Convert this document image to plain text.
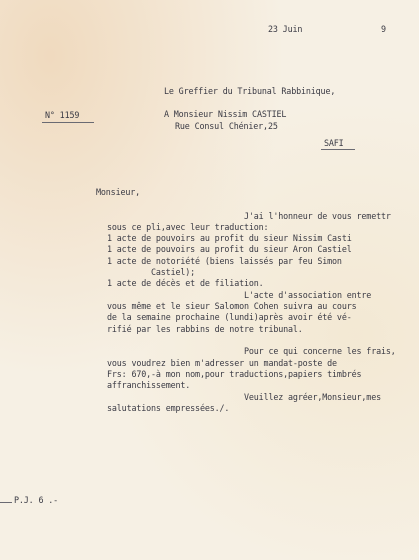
23 Juin	9
Le Greffier du Tribunal Rabbinique,
A Monsieur Nissim CASTIEL
Rue Consul Chénier,25
SAFI
N° 1159
Monsieur,
J'ai l'honneur de vous remettr
sous ce pli,avec leur traduction:
1 acte de pouvoirs au profit du sieur Nissim Casti
1 acte de pouvoirs au profit du sieur Aron Castiel
1 acte de notoriété (biens laissés par feu Simon
Castiel);
1 acte de décès et de filiation.
L'acte d'association entre
vous même et le sieur Salomon Cohen suivra au cours
de la semaine prochaine (lundi)après avoir été vé-
rifié par les rabbins de notre tribunal.
Pour ce qui concerne les frais,
vous voudrez bien m'adresser un mandat-poste de
Frs: 670,-à mon nom,pour traductions,papiers timbrés
affranchissement.
Veuillez agréer,Monsieur,mes
salutations empressées./.
P.J. 6 .-
